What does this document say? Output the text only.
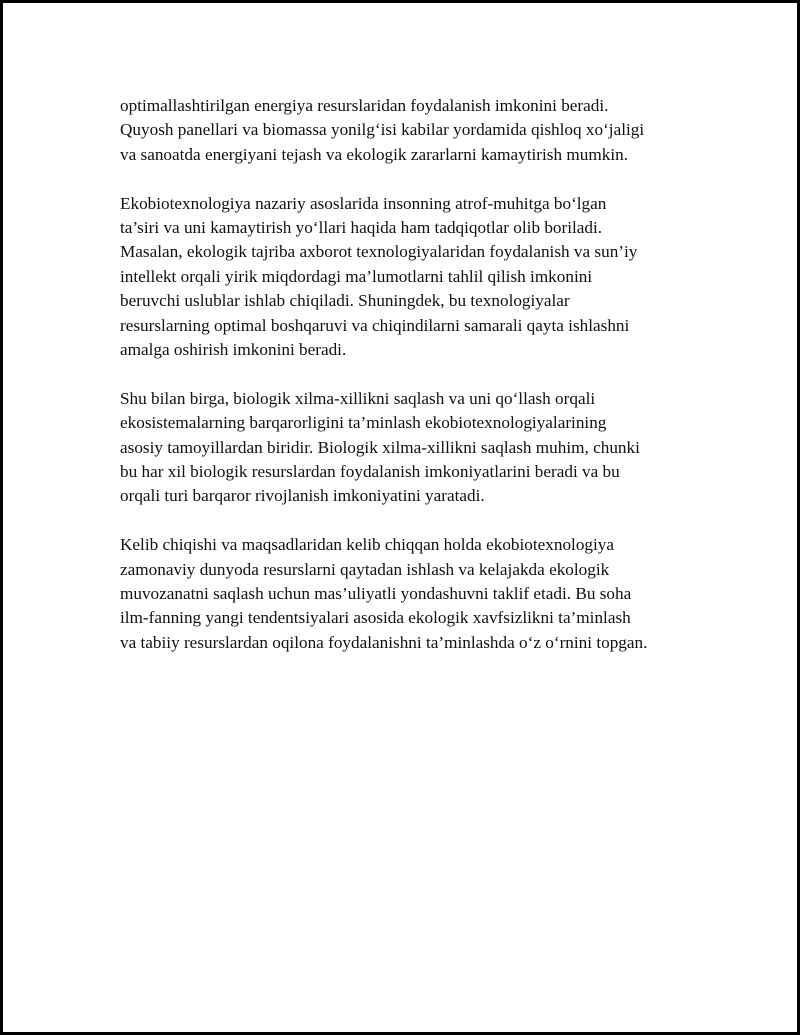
optimallashtirilgan energiya resurslaridan foydalanish imkonini beradi.
Quyosh panellari va biomassa yonilg‘isi kabilar yordamida qishloq xo‘jaligi
va sanoatda energiyani tejash va ekologik zararlarni kamaytirish mumkin.

Ekobiotexnologiya nazariy asoslarida insonning atrof-muhitga bo‘lgan
ta’siri va uni kamaytirish yo‘llari haqida ham tadqiqotlar olib boriladi.
Masalan, ekologik tajriba axborot texnologiyalaridan foydalanish va sun’iy
intellekt orqali yirik miqdordagi ma’lumotlarni tahlil qilish imkonini
beruvchi uslublar ishlab chiqiladi. Shuningdek, bu texnologiyalar
resurslarning optimal boshqaruvi va chiqindilarni samarali qayta ishlashni
amalga oshirish imkonini beradi.

Shu bilan birga, biologik xilma-xillikni saqlash va uni qo‘llash orqali
ekosistemalarning barqarorligini ta’minlash ekobiotexnologiyalarining
asosiy tamoyillardan biridir. Biologik xilma-xillikni saqlash muhim, chunki
bu har xil biologik resurslardan foydalanish imkoniyatlarini beradi va bu
orqali turi barqaror rivojlanish imkoniyatini yaratadi.

Kelib chiqishi va maqsadlaridan kelib chiqqan holda ekobiotexnologiya
zamonaviy dunyoda resurslarni qaytadan ishlash va kelajakda ekologik
muvozanatni saqlash uchun mas’uliyatli yondashuvni taklif etadi. Bu soha
ilm-fanning yangi tendentsiyalari asosida ekologik xavfsizlikni ta’minlash
va tabiiy resurslardan oqilona foydalanishni ta’minlashda o‘z o‘rnini topgan.
